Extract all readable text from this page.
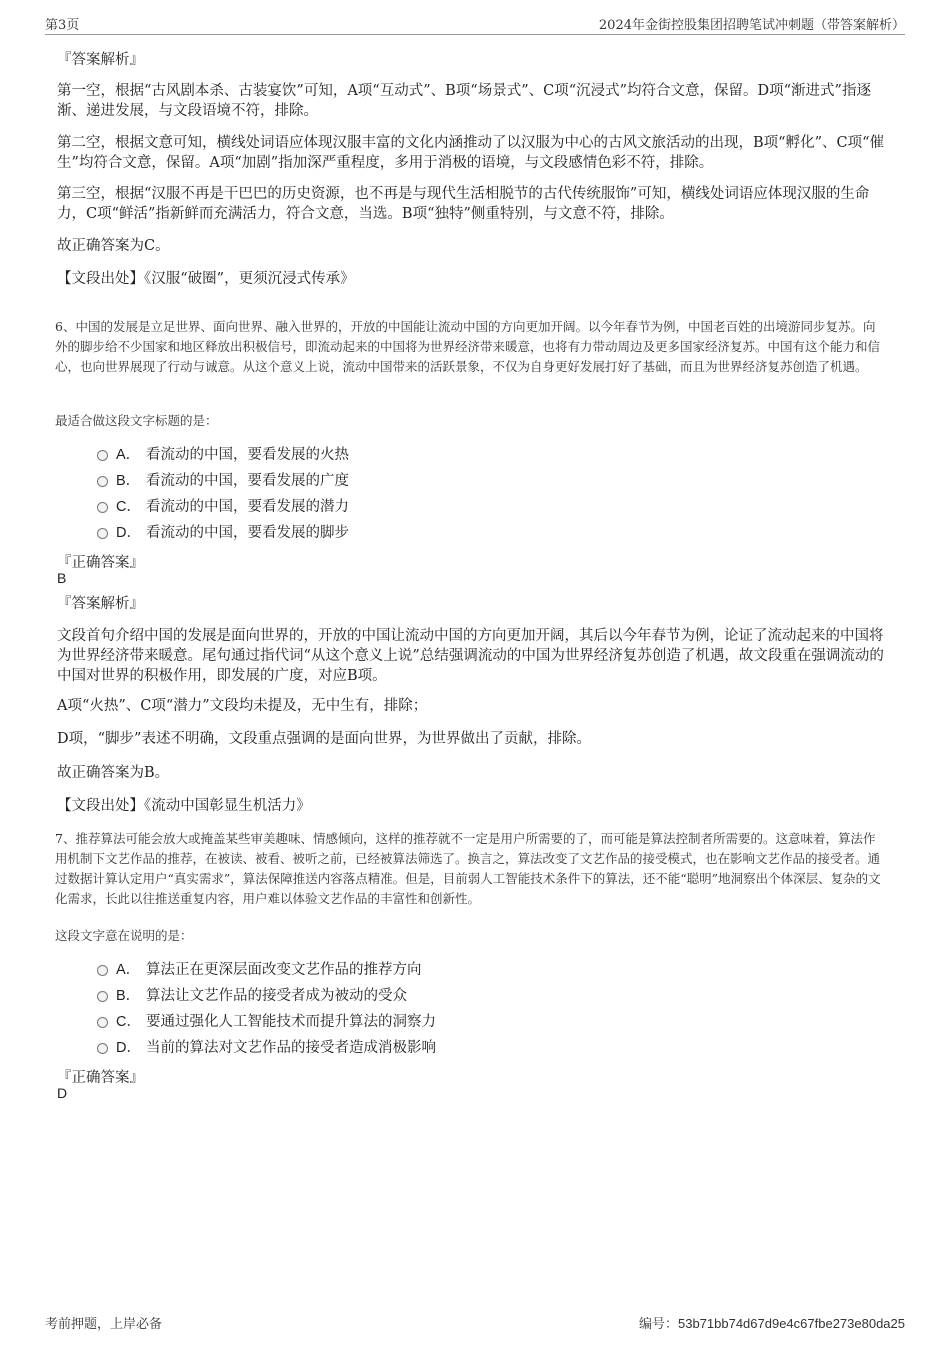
第3页	2024年金街控股集团招聘笔试冲刺题（带答案解析）
『答案解析』
第一空，根据“古风剧本杀、古装宴饮”可知，A项“互动式”、B项“场景式”、C项“沉浸式”均符合文意，保留。D项“渐进式”指逐渐、递进发展，与文段语境不符，排除。
第二空，根据文意可知，横线处词语应体现汉服丰富的文化内涵推动了以汉服为中心的古风文旅活动的出现，B项“孵化”、C项“催生”均符合文意，保留。A项“加剧”指加深严重程度，多用于消极的语境，与文段感情色彩不符，排除。
第三空，根据“汉服不再是干巴巴的历史资源，也不再是与现代生活相脱节的古代传统服饰”可知，横线处词语应体现汉服的生命力，C项“鲜活”指新鲜而充满活力，符合文意，当选。B项“独特”侧重特别，与文意不符，排除。
故正确答案为C。
【文段出处】《汉服“破圈”，更须沉浸式传承》
6、中国的发展是立足世界、面向世界、融入世界的，开放的中国能让流动中国的方向更加开阔。以今年春节为例，中国老百姓的出境游同步复苏。向外的脚步给不少国家和地区释放出积极信号，即流动起来的中国将为世界经济带来暖意，也将有力带动周边及更多国家经济复苏。中国有这个能力和信心，也向世界展现了行动与诚意。从这个意义上说，流动中国带来的活跃景象，不仅为自身更好发展打好了基础，而且为世界经济复苏创造了机遇。
最适合做这段文字标题的是：
A． 看流动的中国，要看发展的火热
B． 看流动的中国，要看发展的广度
C． 看流动的中国，要看发展的潜力
D． 看流动的中国，要看发展的脚步
『正确答案』
B
『答案解析』
文段首句介绍中国的发展是面向世界的，开放的中国让流动中国的方向更加开阔，其后以今年春节为例，论证了流动起来的中国将为世界经济带来暖意。尾句通过指代词“从这个意义上说”总结强调流动的中国为世界经济复苏创造了机遇，故文段重在强调流动的中国对世界的积极作用，即发展的广度，对应B项。
A项“火热”、C项“潜力”文段均未提及，无中生有，排除；
D项，“脚步”表述不明确，文段重点强调的是面向世界，为世界做出了贡献，排除。
故正确答案为B。
【文段出处】《流动中国彰显生机活力》
7、推荐算法可能会放大或掩盖某些审美趣味、情感倾向，这样的推荐就不一定是用户所需要的了，而可能是算法控制者所需要的。这意味着，算法作用机制下文艺作品的推荐，在被读、被看、被听之前，已经被算法筛选了。换言之，算法改变了文艺作品的接受模式，也在影响文艺作品的接受者。通过数据计算认定用户“真实需求”，算法保障推送内容落点精准。但是，目前弱人工智能技术条件下的算法，还不能“聪明”地洞察出个体深层、复杂的文化需求，长此以往推送重复内容，用户难以体验文艺作品的丰富性和创新性。
这段文字意在说明的是：
A． 算法正在更深层面改变文艺作品的推荐方向
B． 算法让文艺作品的接受者成为被动的受众
C． 要通过强化人工智能技术而提升算法的洞察力
D． 当前的算法对文艺作品的接受者造成消极影响
『正确答案』
D
考前押题，上岸必备	编号：53b71bb74d67d9e4c67fbe273e80da25
